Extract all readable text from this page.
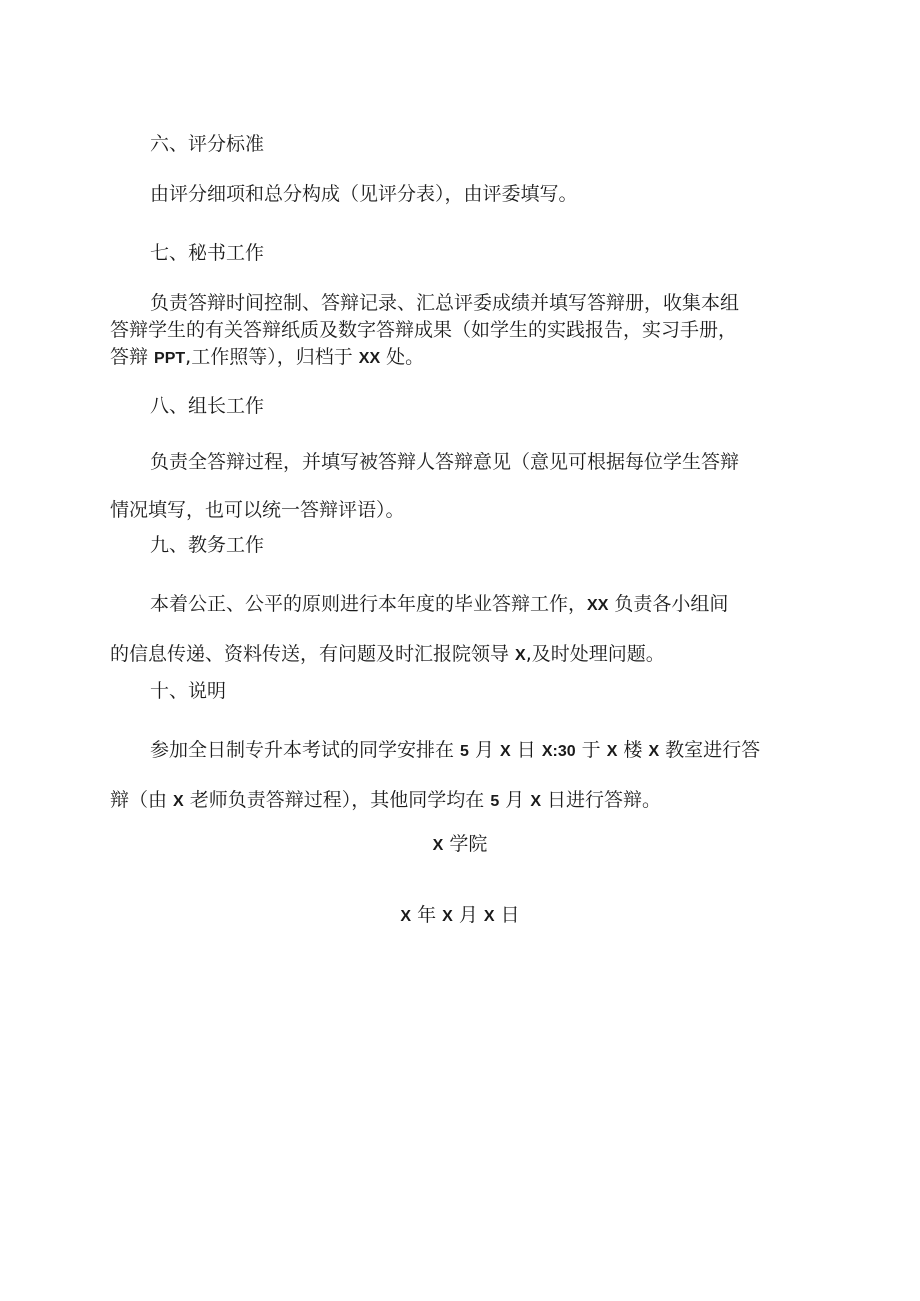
六、评分标准
由评分细项和总分构成（见评分表），由评委填写。
七、秘书工作
负责答辩时间控制、答辩记录、汇总评委成绩并填写答辩册，收集本组
答辩学生的有关答辩纸质及数字答辩成果（如学生的实践报告，实习手册，
答辩 PPT,工作照等），归档于 XX 处。
八、组长工作
负责全答辩过程，并填写被答辩人答辩意见（意见可根据每位学生答辩
情况填写，也可以统一答辩评语）。
九、教务工作
本着公正、公平的原则进行本年度的毕业答辩工作，XX 负责各小组间
的信息传递、资料传送，有问题及时汇报院领导 X,及时处理问题。
十、说明
参加全日制专升本考试的同学安排在 5 月 X 日 X:30 于 X 楼 X 教室进行答
辩（由 X 老师负责答辩过程），其他同学均在 5 月 X 日进行答辩。
X 学院
X 年 X 月 X 日
